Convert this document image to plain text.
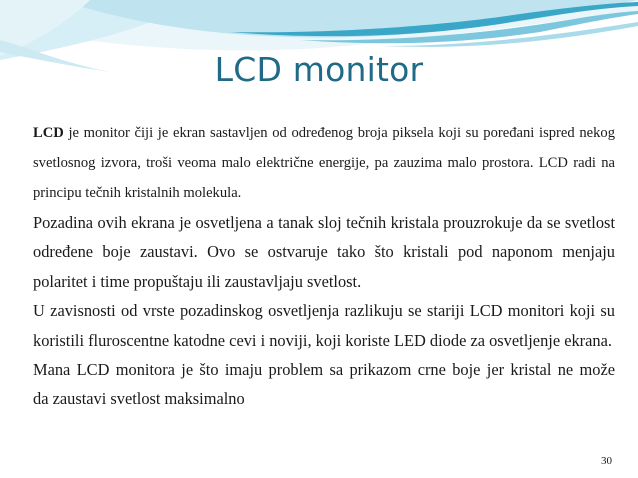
LCD monitor

LCD je monitor čiji je ekran sastavljen od određenog broja piksela koji su poređani ispred nekog svetlosnog izvora, troši veoma malo električne energije, pa zauzima malo prostora. LCD radi na principu tečnih kristalnih molekula.

Pozadina ovih ekrana je osvetljena a tanak sloj tečnih kristala prouzrokuje da se svetlost određene boje zaustavi. Ovo se ostvaruje tako što kristali pod naponom menjaju polaritet i time propuštaju ili zaustavljaju svetlost.

U zavisnosti od vrste pozadinskog osvetljenja razlikuju se stariji LCD monitori koji su koristili fluroscentne katodne cevi i noviji, koji koriste LED diode za osvetljenje ekrana.

Mana LCD monitora je što imaju problem sa prikazom crne boje jer kristal ne može

da zaustavi svetlost maksimalno

30
